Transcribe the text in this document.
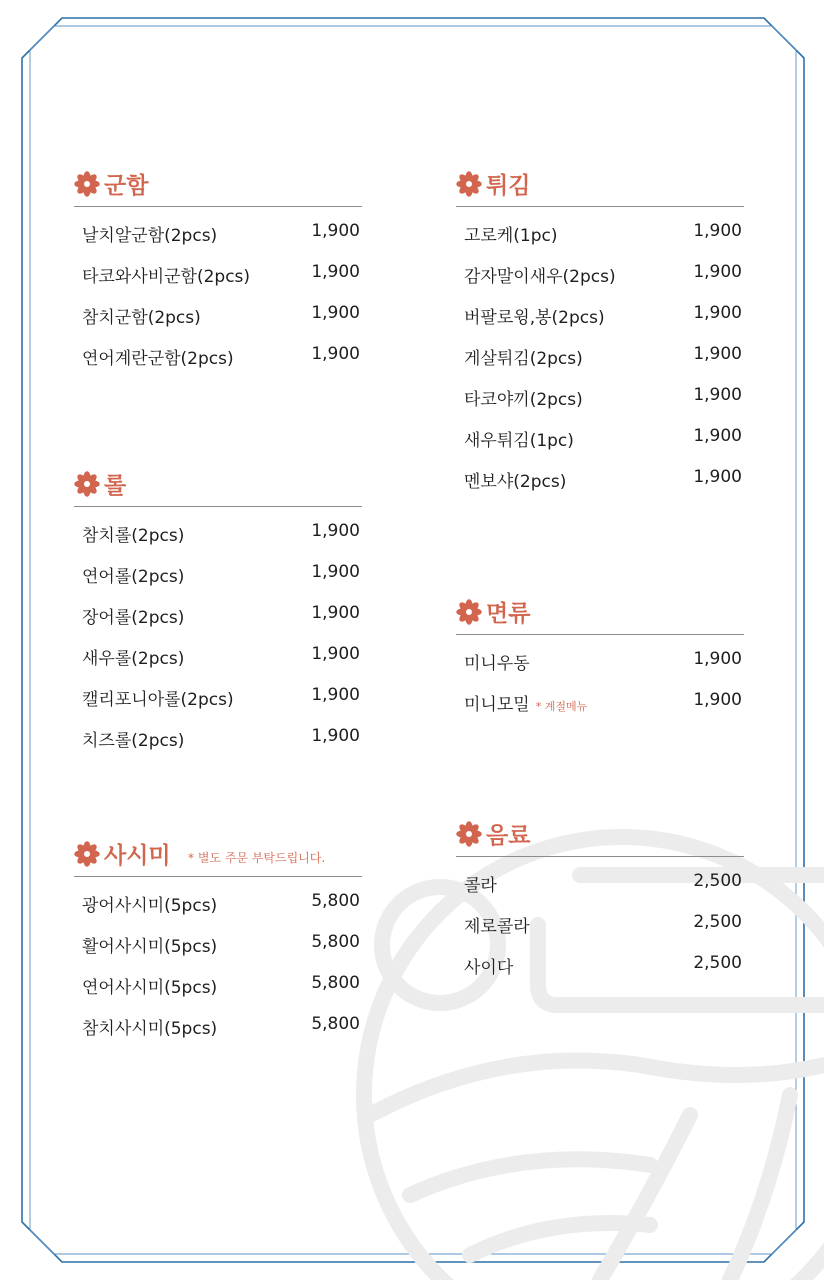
군함
날치알군함(2pcs)	1,900
타코와사비군함(2pcs)	1,900
참치군함(2pcs)	1,900
연어계란군함(2pcs)	1,900
롤
참치롤(2pcs)	1,900
연어롤(2pcs)	1,900
장어롤(2pcs)	1,900
새우롤(2pcs)	1,900
캘리포니아롤(2pcs)	1,900
치즈롤(2pcs)	1,900
사시미 * 별도 주문 부탁드립니다.
광어사시미(5pcs)	5,800
활어사시미(5pcs)	5,800
연어사시미(5pcs)	5,800
참치사시미(5pcs)	5,800
튀김
고로케(1pc)	1,900
감자말이새우(2pcs)	1,900
버팔로윙,봉(2pcs)	1,900
게살튀김(2pcs)	1,900
타코야끼(2pcs)	1,900
새우튀김(1pc)	1,900
멘보샤(2pcs)	1,900
면류
미니우동	1,900
미니모밀 * 계절메뉴	1,900
음료
콜라	2,500
제로콜라	2,500
사이다	2,500
